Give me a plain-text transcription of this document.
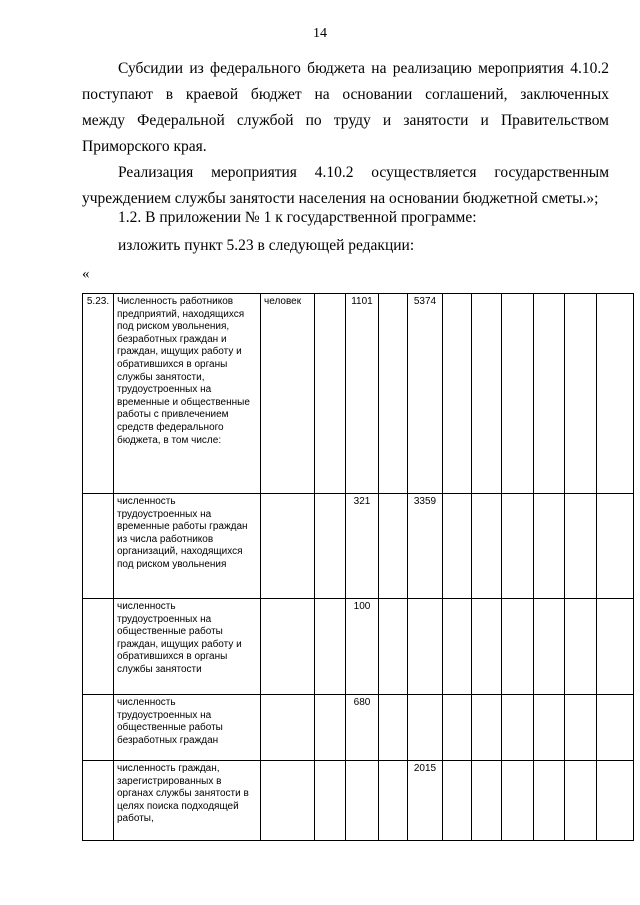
14
Субсидии из федерального бюджета на реализацию мероприятия 4.10.2
поступают в краевой бюджет на основании соглашений, заключенных
между Федеральной службой по труду и занятости и Правительством
Приморского края.
Реализация мероприятия 4.10.2 осуществляется государственным
учреждением службы занятости населения на основании бюджетной сметы.»;
1.2. В приложении № 1 к государственной программе:
изложить пункт 5.23 в следующей редакции:
«
5.23.	Численность работников предприятий, находящихся под риском увольнения, безработных граждан и граждан, ищущих работу и обратившихся в органы службы занятости, трудоустроенных на временные и общественные работы с привлечением средств федерального бюджета, в том числе:	человек		1101		5374						
	численность трудоустроенных на временные работы граждан из числа работников организаций, находящихся под риском увольнения			321		3359						
	численность трудоустроенных на общественные работы граждан, ищущих работу и обратившихся в органы службы занятости			100								
	численность трудоустроенных на общественные работы безработных граждан			680								
	численность граждан, зарегистрированных в органах службы занятости в целях поиска подходящей работы,					2015						
